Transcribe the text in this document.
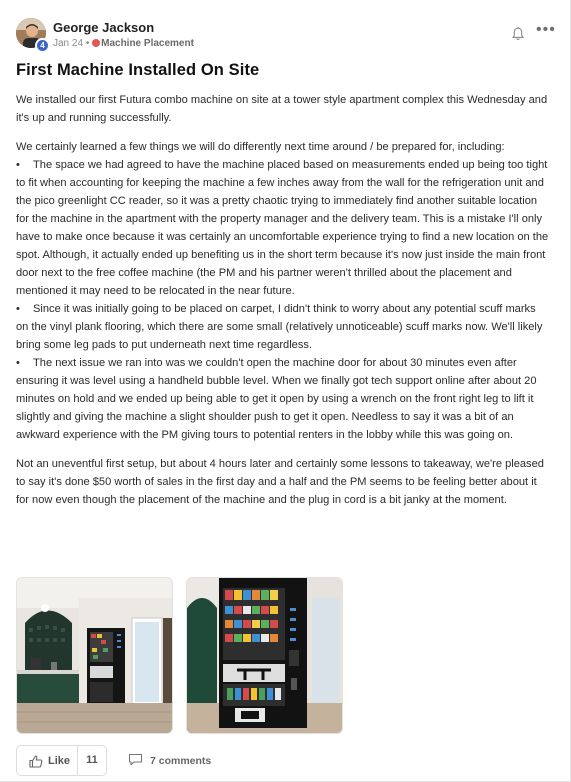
4
George Jackson
Jan 24 • Machine Placement
•••
First Machine Installed On Site

We installed our first Futura combo machine on site at a tower style apartment complex this Wednesday and it's up and running successfully.

We certainly learned a few things we will do differently next time around / be prepared for, including:

• The space we had agreed to have the machine placed based on measurements ended up being too tight to fit when accounting for keeping the machine a few inches away from the wall for the refrigeration unit and the pico greenlight CC reader, so it was a pretty chaotic trying to immediately find another suitable location for the machine in the apartment with the property manager and the delivery team. This is a mistake I'll only have to make once because it was certainly an uncomfortable experience trying to find a new location on the spot. Although, it actually ended up benefiting us in the short term because it's now just inside the main front door next to the free coffee machine (the PM and his partner weren't thrilled about the placement and mentioned it may need to be relocated in the near future.
• Since it was initially going to be placed on carpet, I didn't think to worry about any potential scuff marks on the vinyl plank flooring, which there are some small (relatively unnoticeable) scuff marks now. We'll likely bring some leg pads to put underneath next time regardless.
• The next issue we ran into was we couldn't open the machine door for about 30 minutes even after ensuring it was level using a handheld bubble level. When we finally got tech support online after about 20 minutes on hold and we ended up being able to get it open by using a wrench on the front right leg to lift it slightly and giving the machine a slight shoulder push to get it open. Needless to say it was a bit of an awkward experience with the PM giving tours to potential renters in the lobby while this was going on.

Not an uneventful first setup, but about 4 hours later and certainly some lessons to takeaway, we're pleased to say it's done $50 worth of sales in the first day and a half and the PM seems to be feeling better about it for now even though the placement of the machine and the plug in cord is a bit janky at the moment.

Like	11	7 comments
